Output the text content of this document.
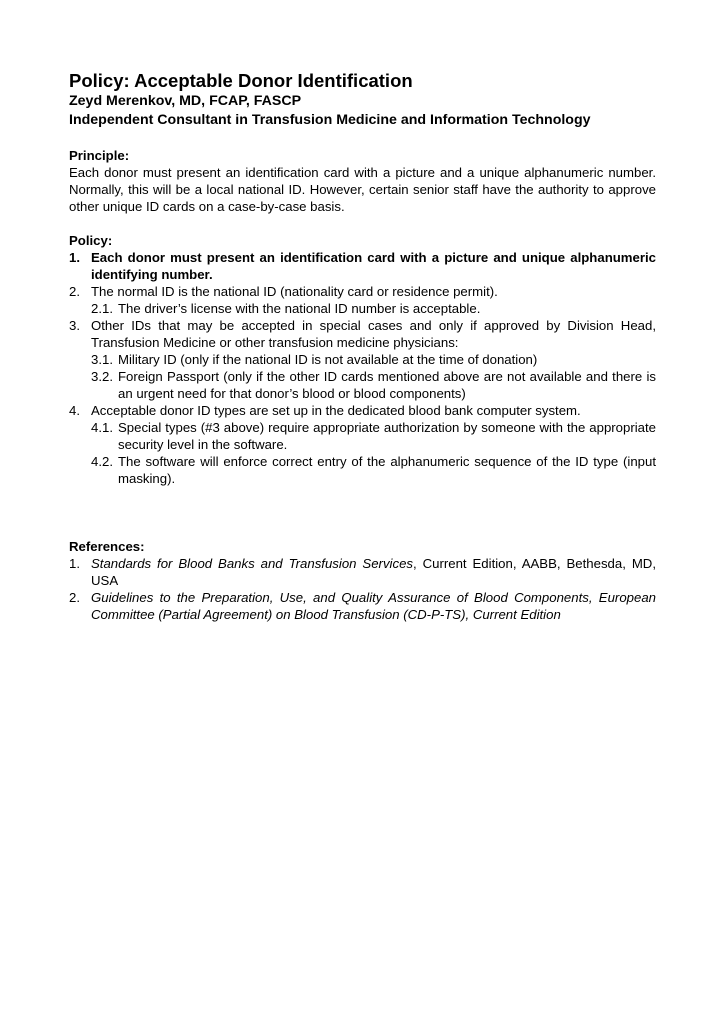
Policy: Acceptable Donor Identification

Zeyd Merenkov, MD, FCAP, FASCP

Independent Consultant in Transfusion Medicine and Information Technology

Principle:

Each donor must present an identification card with a picture and a unique alphanumeric number. Normally, this will be a local national ID. However, certain senior staff have the authority to approve other unique ID cards on a case-by-case basis.

Policy:

1. Each donor must present an identification card with a picture and unique alphanumeric identifying number.
2. The normal ID is the national ID (nationality card or residence permit).
2.1. The driver’s license with the national ID number is acceptable.
3. Other IDs that may be accepted in special cases and only if approved by Division Head, Transfusion Medicine or other transfusion medicine physicians:
3.1. Military ID (only if the national ID is not available at the time of donation)
3.2. Foreign Passport (only if the other ID cards mentioned above are not available and there is an urgent need for that donor’s blood or blood components)
4. Acceptable donor ID types are set up in the dedicated blood bank computer system.
4.1. Special types (#3 above) require appropriate authorization by someone with the appropriate security level in the software.
4.2. The software will enforce correct entry of the alphanumeric sequence of the ID type (input masking).

References:

1. Standards for Blood Banks and Transfusion Services, Current Edition, AABB, Bethesda, MD, USA
2. Guidelines to the Preparation, Use, and Quality Assurance of Blood Components, European Committee (Partial Agreement) on Blood Transfusion (CD-P-TS), Current Edition
